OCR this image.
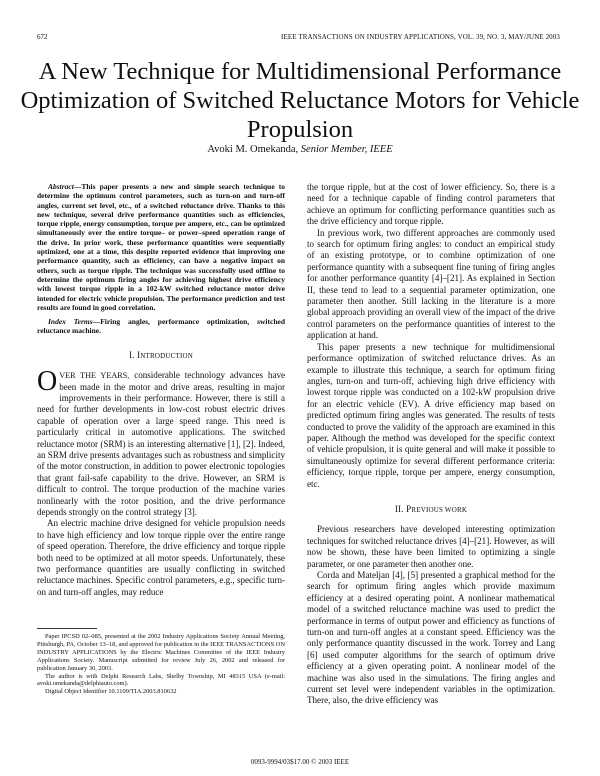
672	IEEE TRANSACTIONS ON INDUSTRY APPLICATIONS, VOL. 39, NO. 3, MAY/JUNE 2003
A New Technique for Multidimensional Performance Optimization of Switched Reluctance Motors for Vehicle Propulsion
Avoki M. Omekanda, Senior Member, IEEE

Abstract—This paper presents a new and simple search technique to determine the optimum control parameters, such as turn-on and turn-off angles, current set level, etc., of a switched reluctance drive. Thanks to this new technique, several drive performance quantities such as efficiencies, torque ripple, energy consumption, torque per ampere, etc., can be optimized simultaneously over the entire torque– or power–speed operation range of the drive. In prior work, these performance quantities were sequentially optimized, one at a time, this despite reported evidence that improving one performance quantity, such as efficiency, can have a negative impact on others, such as torque ripple. The technique was successfully used offline to determine the optimum firing angles for achieving highest drive efficiency with lowest torque ripple in a 102-kW switched reluctance motor drive intended for electric vehicle propulsion. The performance prediction and test results are found in good correlation.

Index Terms—Firing angles, performance optimization, switched reluctance machine.

I. INTRODUCTION

OVER THE YEARS, considerable technology advances have been made in the motor and drive areas, resulting in major improvements in their performance. However, there is still a need for further developments in low-cost robust electric drives capable of operation over a large speed range. This need is particularly critical in automotive applications. The switched reluctance motor (SRM) is an interesting alternative [1], [2]. Indeed, an SRM drive presents advantages such as robustness and simplicity of the motor construction, in addition to power electronic topologies that grant fail-safe capability to the drive. However, an SRM is difficult to control. The torque production of the machine varies nonlinearly with the rotor position, and the drive performance depends strongly on the control strategy [3].

An electric machine drive designed for vehicle propulsion needs to have high efficiency and low torque ripple over the entire range of speed operation. Therefore, the drive efficiency and torque ripple both need to be optimized at all motor speeds. Unfortunately, these two performance quantities are usually conflicting in switched reluctance machines. Specific control parameters, e.g., specific turn-on and turn-off angles, may reduce

Paper IPCSD 02–085, presented at the 2002 Industry Applications Society Annual Meeting, Pittsburgh, PA, October 13–18, and approved for publication in the IEEE TRANSACTIONS ON INDUSTRY APPLICATIONS by the Electric Machines Committee of the IEEE Industry Applications Society. Manuscript submitted for review July 26, 2002 and released for publication January 30, 2003.

The author is with Delphi Research Labs, Shelby Township, MI 48315 USA (e-mail: avoki.omekanda@delphiauto.com).

Digital Object Identifier 10.1109/TIA.2003.810632

the torque ripple, but at the cost of lower efficiency. So, there is a need for a technique capable of finding control parameters that achieve an optimum for conflicting performance quantities such as the drive efficiency and torque ripple.

In previous work, two different approaches are commonly used to search for optimum firing angles: to conduct an empirical study of an existing prototype, or to combine optimization of one performance quantity with a subsequent fine tuning of firing angles for another performance quantity [4]–[21]. As explained in Section II, these tend to lead to a sequential parameter optimization, one parameter then another. Still lacking in the literature is a more global approach providing an overall view of the impact of the drive control parameters on the performance quantities of interest to the application at hand.

This paper presents a new technique for multidimensional performance optimization of switched reluctance drives. As an example to illustrate this technique, a search for optimum firing angles, turn-on and turn-off, achieving high drive efficiency with lowest torque ripple was conducted on a 102-kW propulsion drive for an electric vehicle (EV). A drive efficiency map based on predicted optimum firing angles was generated. The results of tests conducted to prove the validity of the approach are examined in this paper. Although the method was developed for the specific context of vehicle propulsion, it is quite general and will make it possible to simultaneously optimize for several different performance criteria: efficiency, torque ripple, torque per ampere, energy consumption, etc.

II. PREVIOUS WORK

Previous researchers have developed interesting optimization techniques for switched reluctance drives [4]–[21]. However, as will now be shown, these have been limited to optimizing a single parameter, or one parameter then another one.

Corda and Mateljan [4], [5] presented a graphical method for the search for optimum firing angles which provide maximum efficiency at a desired operating point. A nonlinear mathematical model of a switched reluctance machine was used to predict the performance in terms of output power and efficiency as functions of turn-on and turn-off angles at a constant speed. Efficiency was the only performance quantity discussed in the work. Torrey and Lang [6] used computer algorithms for the search of optimum drive efficiency at a given operating point. A nonlinear model of the machine was also used in the simulations. The firing angles and current set level were independent variables in the optimization. There, also, the drive efficiency was

0093-9994/03$17.00 © 2003 IEEE
